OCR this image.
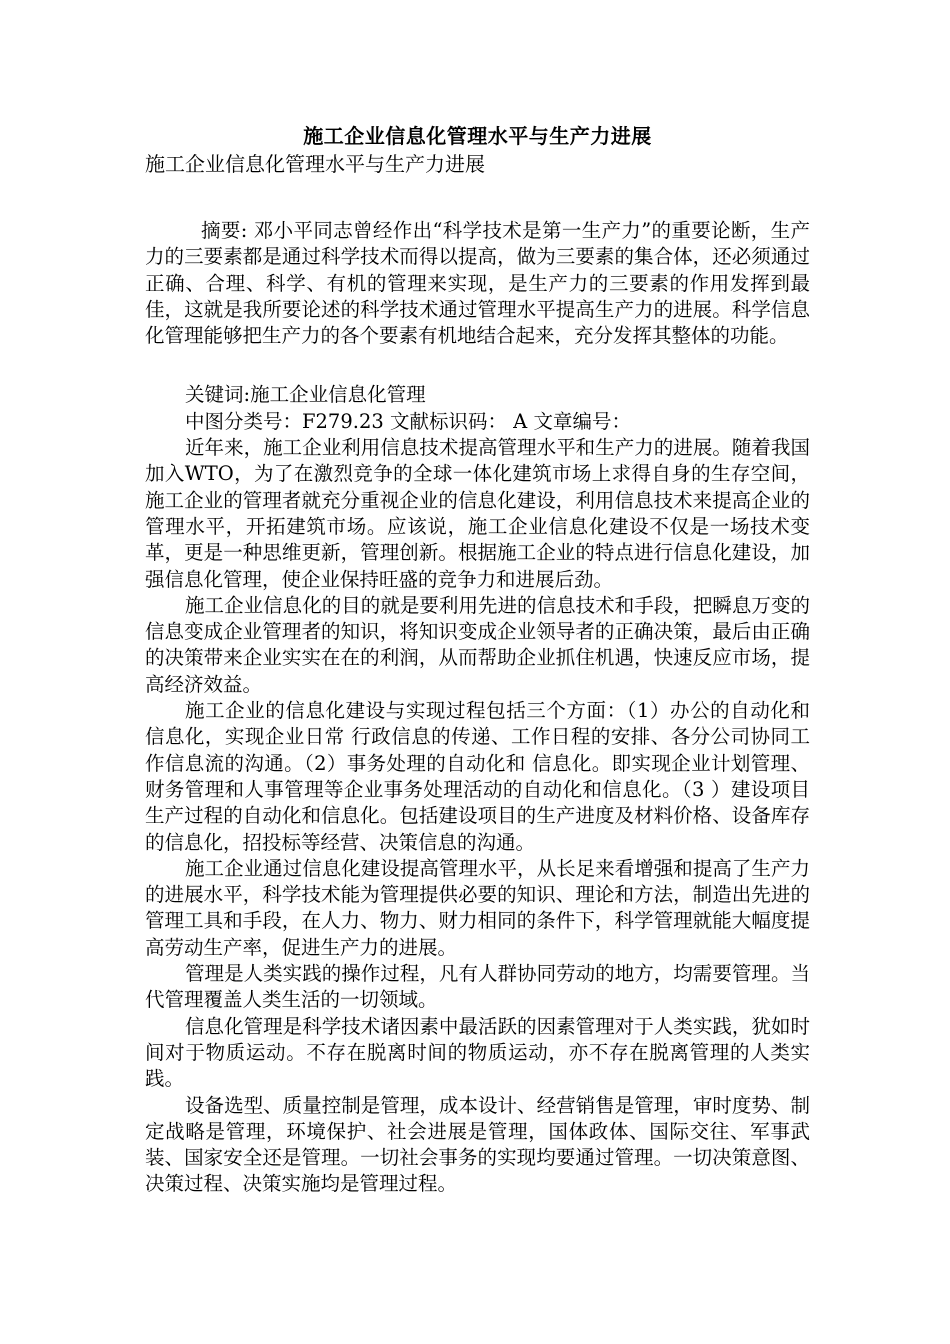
施工企业信息化管理水平与生产力进展
施工企业信息化管理水平与生产力进展

摘要: 邓小平同志曾经作出“科学技术是第一生产力”的重要论断，生产力的三要素都是通过科学技术而得以提高，做为三要素的集合体，还必须通过正确、合理、科学、有机的管理来实现，是生产力的三要素的作用发挥到最佳，这就是我所要论述的科学技术通过管理水平提高生产力的进展。科学信息化管理能够把生产力的各个要素有机地结合起来，充分发挥其整体的功能。

关键词:施工企业信息化管理

中图分类号：F279.23 文献标识码： A 文章编号：

近年来，施工企业利用信息技术提高管理水平和生产力的进展。随着我国加入WTO，为了在激烈竞争的全球一体化建筑市场上求得自身的生存空间，施工企业的管理者就充分重视企业的信息化建设，利用信息技术来提高企业的管理水平，开拓建筑市场。应该说，施工企业信息化建设不仅是一场技术变革，更是一种思维更新，管理创新。根据施工企业的特点进行信息化建设，加强信息化管理，使企业保持旺盛的竞争力和进展后劲。

施工企业信息化的目的就是要利用先进的信息技术和手段，把瞬息万变的信息变成企业管理者的知识，将知识变成企业领导者的正确决策，最后由正确的决策带来企业实实在在的利润，从而帮助企业抓住机遇，快速反应市场，提高经济效益。

施工企业的信息化建设与实现过程包括三个方面：（1）办公的自动化和信息化，实现企业日常 行政信息的传递、工作日程的安排、各分公司协同工作信息流的沟通。（2）事务处理的自动化和 信息化。即实现企业计划管理、财务管理和人事管理等企业事务处理活动的自动化和信息化。（3 ）建设项目生产过程的自动化和信息化。包括建设项目的生产进度及材料价格、设备库存的信息化，招投标等经营、决策信息的沟通。

施工企业通过信息化建设提高管理水平，从长足来看增强和提高了生产力的进展水平，科学技术能为管理提供必要的知识、理论和方法，制造出先进的管理工具和手段，在人力、物力、财力相同的条件下，科学管理就能大幅度提高劳动生产率，促进生产力的进展。

管理是人类实践的操作过程，凡有人群协同劳动的地方，均需要管理。当代管理覆盖人类生活的一切领域。

信息化管理是科学技术诸因素中最活跃的因素管理对于人类实践，犹如时间对于物质运动。不存在脱离时间的物质运动，亦不存在脱离管理的人类实践。

设备选型、质量控制是管理，成本设计、经营销售是管理，审时度势、制定战略是管理，环境保护、社会进展是管理，国体政体、国际交往、军事武装、国家安全还是管理。一切社会事务的实现均要通过管理。一切决策意图、决策过程、决策实施均是管理过程。
